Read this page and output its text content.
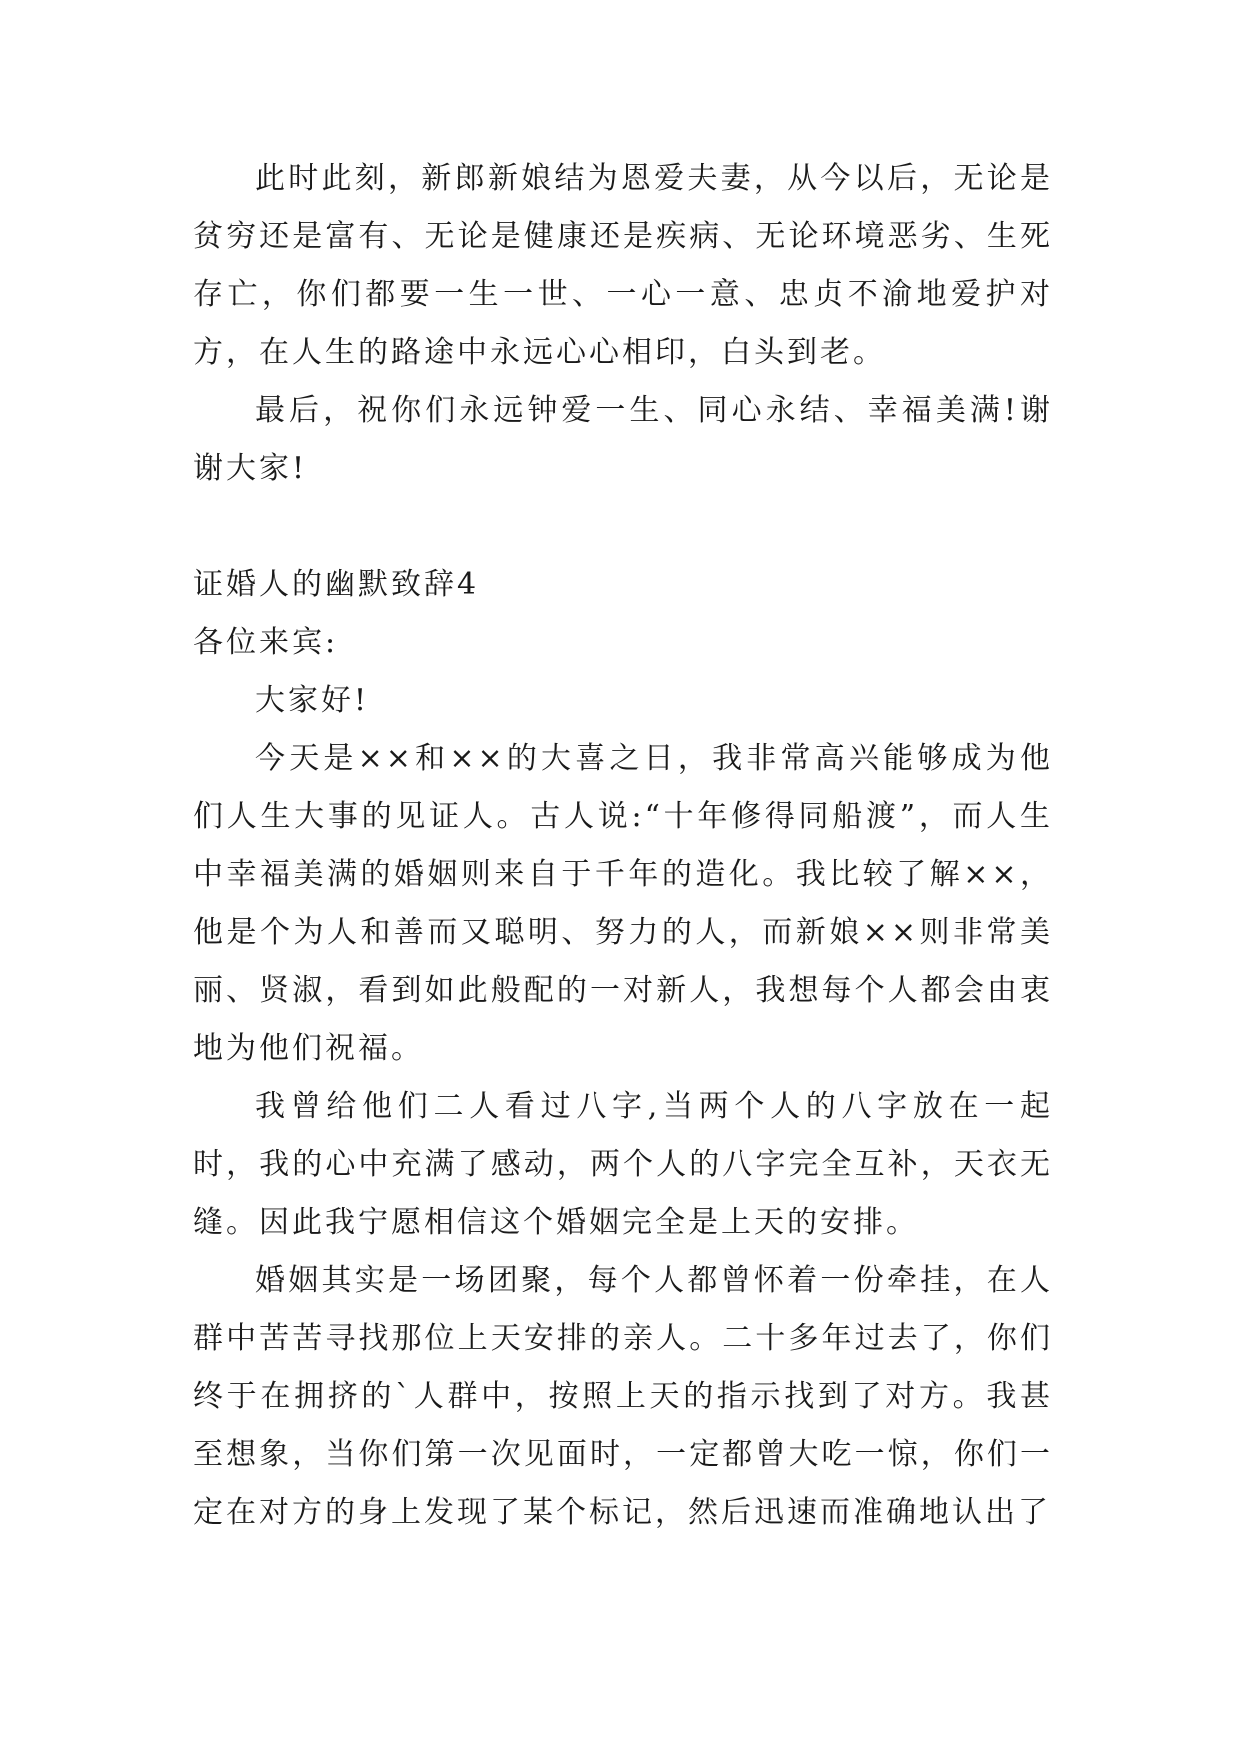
此时此刻，新郎新娘结为恩爱夫妻，从今以后，无论是贫穷还是富有、无论是健康还是疾病、无论环境恶劣、生死存亡，你们都要一生一世、一心一意、忠贞不渝地爱护对方，在人生的路途中永远心心相印，白头到老。

最后，祝你们永远钟爱一生、同心永结、幸福美满!谢谢大家!

证婚人的幽默致辞4

各位来宾:

大家好!

今天是××和××的大喜之日，我非常高兴能够成为他们人生大事的见证人。古人说:“十年修得同船渡”，而人生中幸福美满的婚姻则来自于千年的造化。我比较了解××，他是个为人和善而又聪明、努力的人，而新娘××则非常美丽、贤淑，看到如此般配的一对新人，我想每个人都会由衷地为他们祝福。

我曾给他们二人看过八字,当两个人的八字放在一起时，我的心中充满了感动，两个人的八字完全互补，天衣无缝。因此我宁愿相信这个婚姻完全是上天的安排。

婚姻其实是一场团聚，每个人都曾怀着一份牵挂，在人群中苦苦寻找那位上天安排的亲人。二十多年过去了，你们终于在拥挤的`人群中，按照上天的指示找到了对方。我甚至想象，当你们第一次见面时，一定都曾大吃一惊，你们一定在对方的身上发现了某个标记，然后迅速而准确地认出了
